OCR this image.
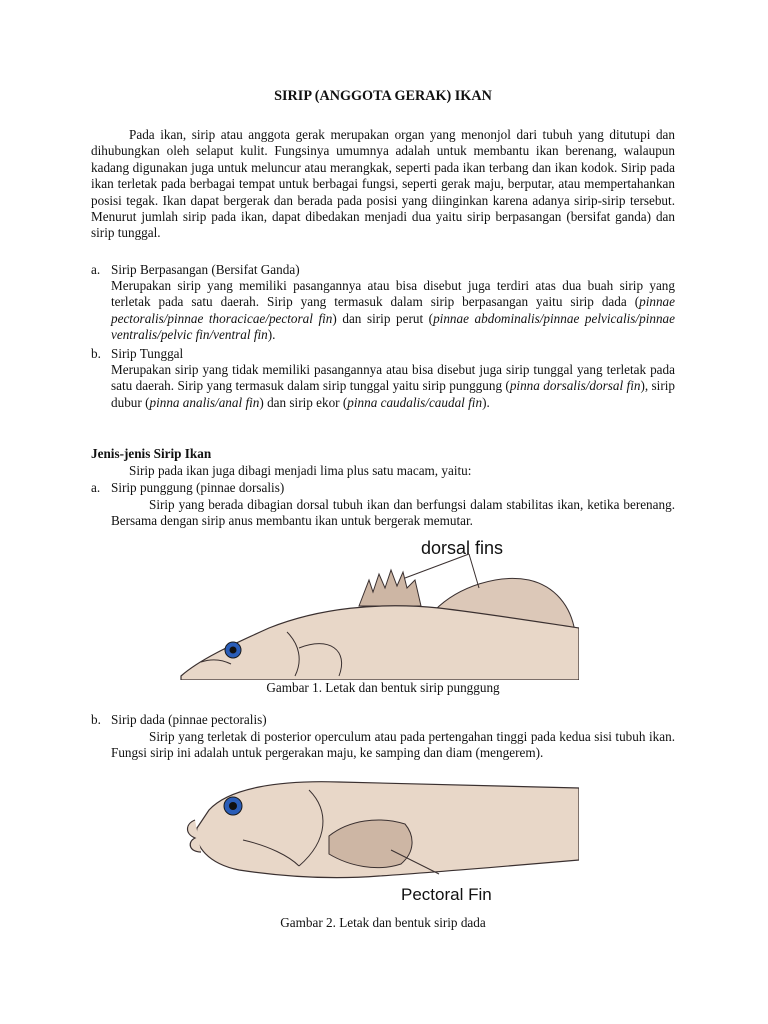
SIRIP (ANGGOTA GERAK) IKAN

Pada ikan, sirip atau anggota gerak merupakan organ yang menonjol dari tubuh yang ditutupi dan dihubungkan oleh selaput kulit. Fungsinya umumnya adalah untuk membantu ikan berenang, walaupun kadang digunakan juga untuk meluncur atau merangkak, seperti pada ikan terbang dan ikan kodok. Sirip pada ikan terletak pada berbagai tempat untuk berbagai fungsi, seperti gerak maju, berputar, atau mempertahankan posisi tegak. Ikan dapat bergerak dan berada pada posisi yang diinginkan karena adanya sirip-sirip tersebut. Menurut jumlah sirip pada ikan, dapat dibedakan menjadi dua yaitu sirip berpasangan (bersifat ganda) dan sirip tunggal.

a. Sirip Berpasangan (Bersifat Ganda)

Merupakan sirip yang memiliki pasangannya atau bisa disebut juga terdiri atas dua buah sirip yang terletak pada satu daerah. Sirip yang termasuk dalam sirip berpasangan yaitu sirip dada (pinnae pectoralis/pinnae thoracicae/pectoral fin) dan sirip perut (pinnae abdominalis/pinnae pelvicalis/pinnae ventralis/pelvic fin/ventral fin).

b. Sirip Tunggal

Merupakan sirip yang tidak memiliki pasangannya atau bisa disebut juga sirip tunggal yang terletak pada satu daerah. Sirip yang termasuk dalam sirip tunggal yaitu sirip punggung (pinna dorsalis/dorsal fin), sirip dubur (pinna analis/anal fin) dan sirip ekor (pinna caudalis/caudal fin).

Jenis-jenis Sirip Ikan
Sirip pada ikan juga dibagi menjadi lima plus satu macam, yaitu:
a. Sirip punggung (pinnae dorsalis)

Sirip yang berada dibagian dorsal tubuh ikan dan berfungsi dalam stabilitas ikan, ketika berenang. Bersama dengan sirip anus membantu ikan untuk bergerak memutar.

dorsal fins
Gambar 1. Letak dan bentuk sirip punggung
b. Sirip dada (pinnae pectoralis)

Sirip yang terletak di posterior operculum atau pada pertengahan tinggi pada kedua sisi tubuh ikan. Fungsi sirip ini adalah untuk pergerakan maju, ke samping dan diam (mengerem).

Pectoral Fin
Gambar 2. Letak dan bentuk sirip dada
